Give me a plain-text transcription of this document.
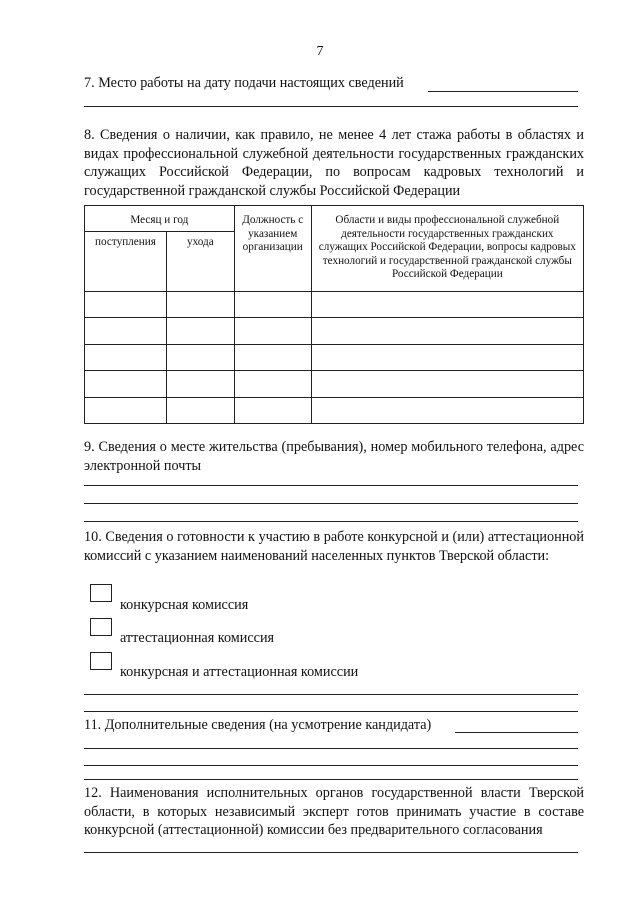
7
7. Место работы на дату подачи настоящих сведений
8. Сведения о наличии, как правило, не менее 4 лет стажа работы в областях и видах профессиональной служебной деятельности государственных гражданских служащих Российской Федерации, по вопросам кадровых технологий и государственной гражданской службы Российской Федерации
Месяц и год		Должность с указанием организации	Области и виды профессиональной служебной деятельности государственных гражданских служащих Российской Федерации, вопросы кадровых технологий и государственной гражданской службы Российской Федерации
поступления	ухода		

9. Сведения о месте жительства (пребывания), номер мобильного телефона, адрес электронной почты
10. Сведения о готовности к участию в работе конкурсной и (или) аттестационной комиссий с указанием наименований населенных пунктов Тверской области:
конкурсная комиссия
аттестационная комиссия
конкурсная и аттестационная комиссии
11. Дополнительные сведения (на усмотрение кандидата)
12. Наименования исполнительных органов государственной власти Тверской области, в которых независимый эксперт готов принимать участие в составе конкурсной (аттестационной) комиссии без предварительного согласования
